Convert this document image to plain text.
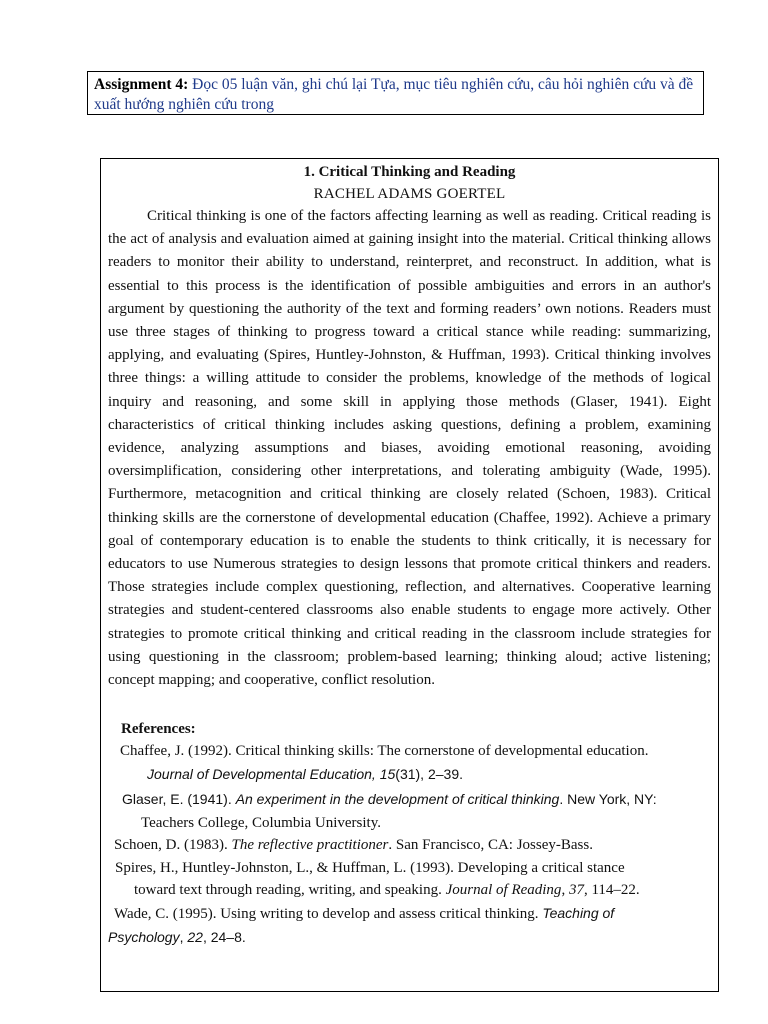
Assignment 4: Đọc 05 luận văn, ghi chú lại Tựa, mục tiêu nghiên cứu, câu hỏi nghiên cứu và đề xuất hướng nghiên cứu trong
1. Critical Thinking and Reading
RACHEL ADAMS GOERTEL

Critical thinking is one of the factors affecting learning as well as reading. Critical reading is the act of analysis and evaluation aimed at gaining insight into the material. Critical thinking allows readers to monitor their ability to understand, reinterpret, and reconstruct. In addition, what is essential to this process is the identification of possible ambiguities and errors in an author's argument by questioning the authority of the text and forming readers’ own notions. Readers must use three stages of thinking to progress toward a critical stance while reading: summarizing, applying, and evaluating (Spires, Huntley-Johnston, & Huffman, 1993). Critical thinking involves three things: a willing attitude to consider the problems, knowledge of the methods of logical inquiry and reasoning, and some skill in applying those methods (Glaser, 1941). Eight characteristics of critical thinking includes asking questions, defining a problem, examining evidence, analyzing assumptions and biases, avoiding emotional reasoning, avoiding oversimplification, considering other interpretations, and tolerating ambiguity (Wade, 1995). Furthermore, metacognition and critical thinking are closely related (Schoen, 1983). Critical thinking skills are the cornerstone of developmental education (Chaffee, 1992). Achieve a primary goal of contemporary education is to enable the students to think critically, it is necessary for educators to use Numerous strategies to design lessons that promote critical thinkers and readers. Those strategies include complex questioning, reflection, and alternatives. Cooperative learning strategies and student-centered classrooms also enable students to engage more actively. Other strategies to promote critical thinking and critical reading in the classroom include strategies for using questioning in the classroom; problem-based learning; thinking aloud; active listening; concept mapping; and cooperative, conflict resolution.

References:
Chaffee, J. (1992). Critical thinking skills: The cornerstone of developmental education.
Journal of Developmental Education, 15(31), 2–39.
Glaser, E. (1941). An experiment in the development of critical thinking. New York, NY:
Teachers College, Columbia University.
Schoen, D. (1983). The reflective practitioner. San Francisco, CA: Jossey-Bass.
Spires, H., Huntley-Johnston, L., & Huffman, L. (1993). Developing a critical stance
toward text through reading, writing, and speaking. Journal of Reading, 37, 114–22.
Wade, C. (1995). Using writing to develop and assess critical thinking. Teaching of
Psychology, 22, 24–8.
